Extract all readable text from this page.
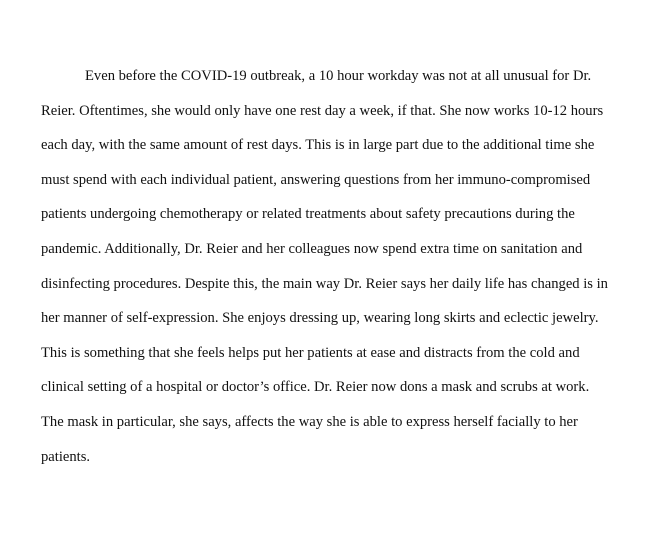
Even before the COVID-19 outbreak, a 10 hour workday was not at all unusual for Dr.
Reier. Oftentimes, she would only have one rest day a week, if that. She now works 10-12 hours
each day, with the same amount of rest days. This is in large part due to the additional time she
must spend with each individual patient, answering questions from her immuno-compromised
patients undergoing chemotherapy or related treatments about safety precautions during the
pandemic. Additionally, Dr. Reier and her colleagues now spend extra time on sanitation and
disinfecting procedures. Despite this, the main way Dr. Reier says her daily life has changed is in
her manner of self-expression. She enjoys dressing up, wearing long skirts and eclectic jewelry.
This is something that she feels helps put her patients at ease and distracts from the cold and
clinical setting of a hospital or doctor’s office. Dr. Reier now dons a mask and scrubs at work.
The mask in particular, she says, affects the way she is able to express herself facially to her
patients.
